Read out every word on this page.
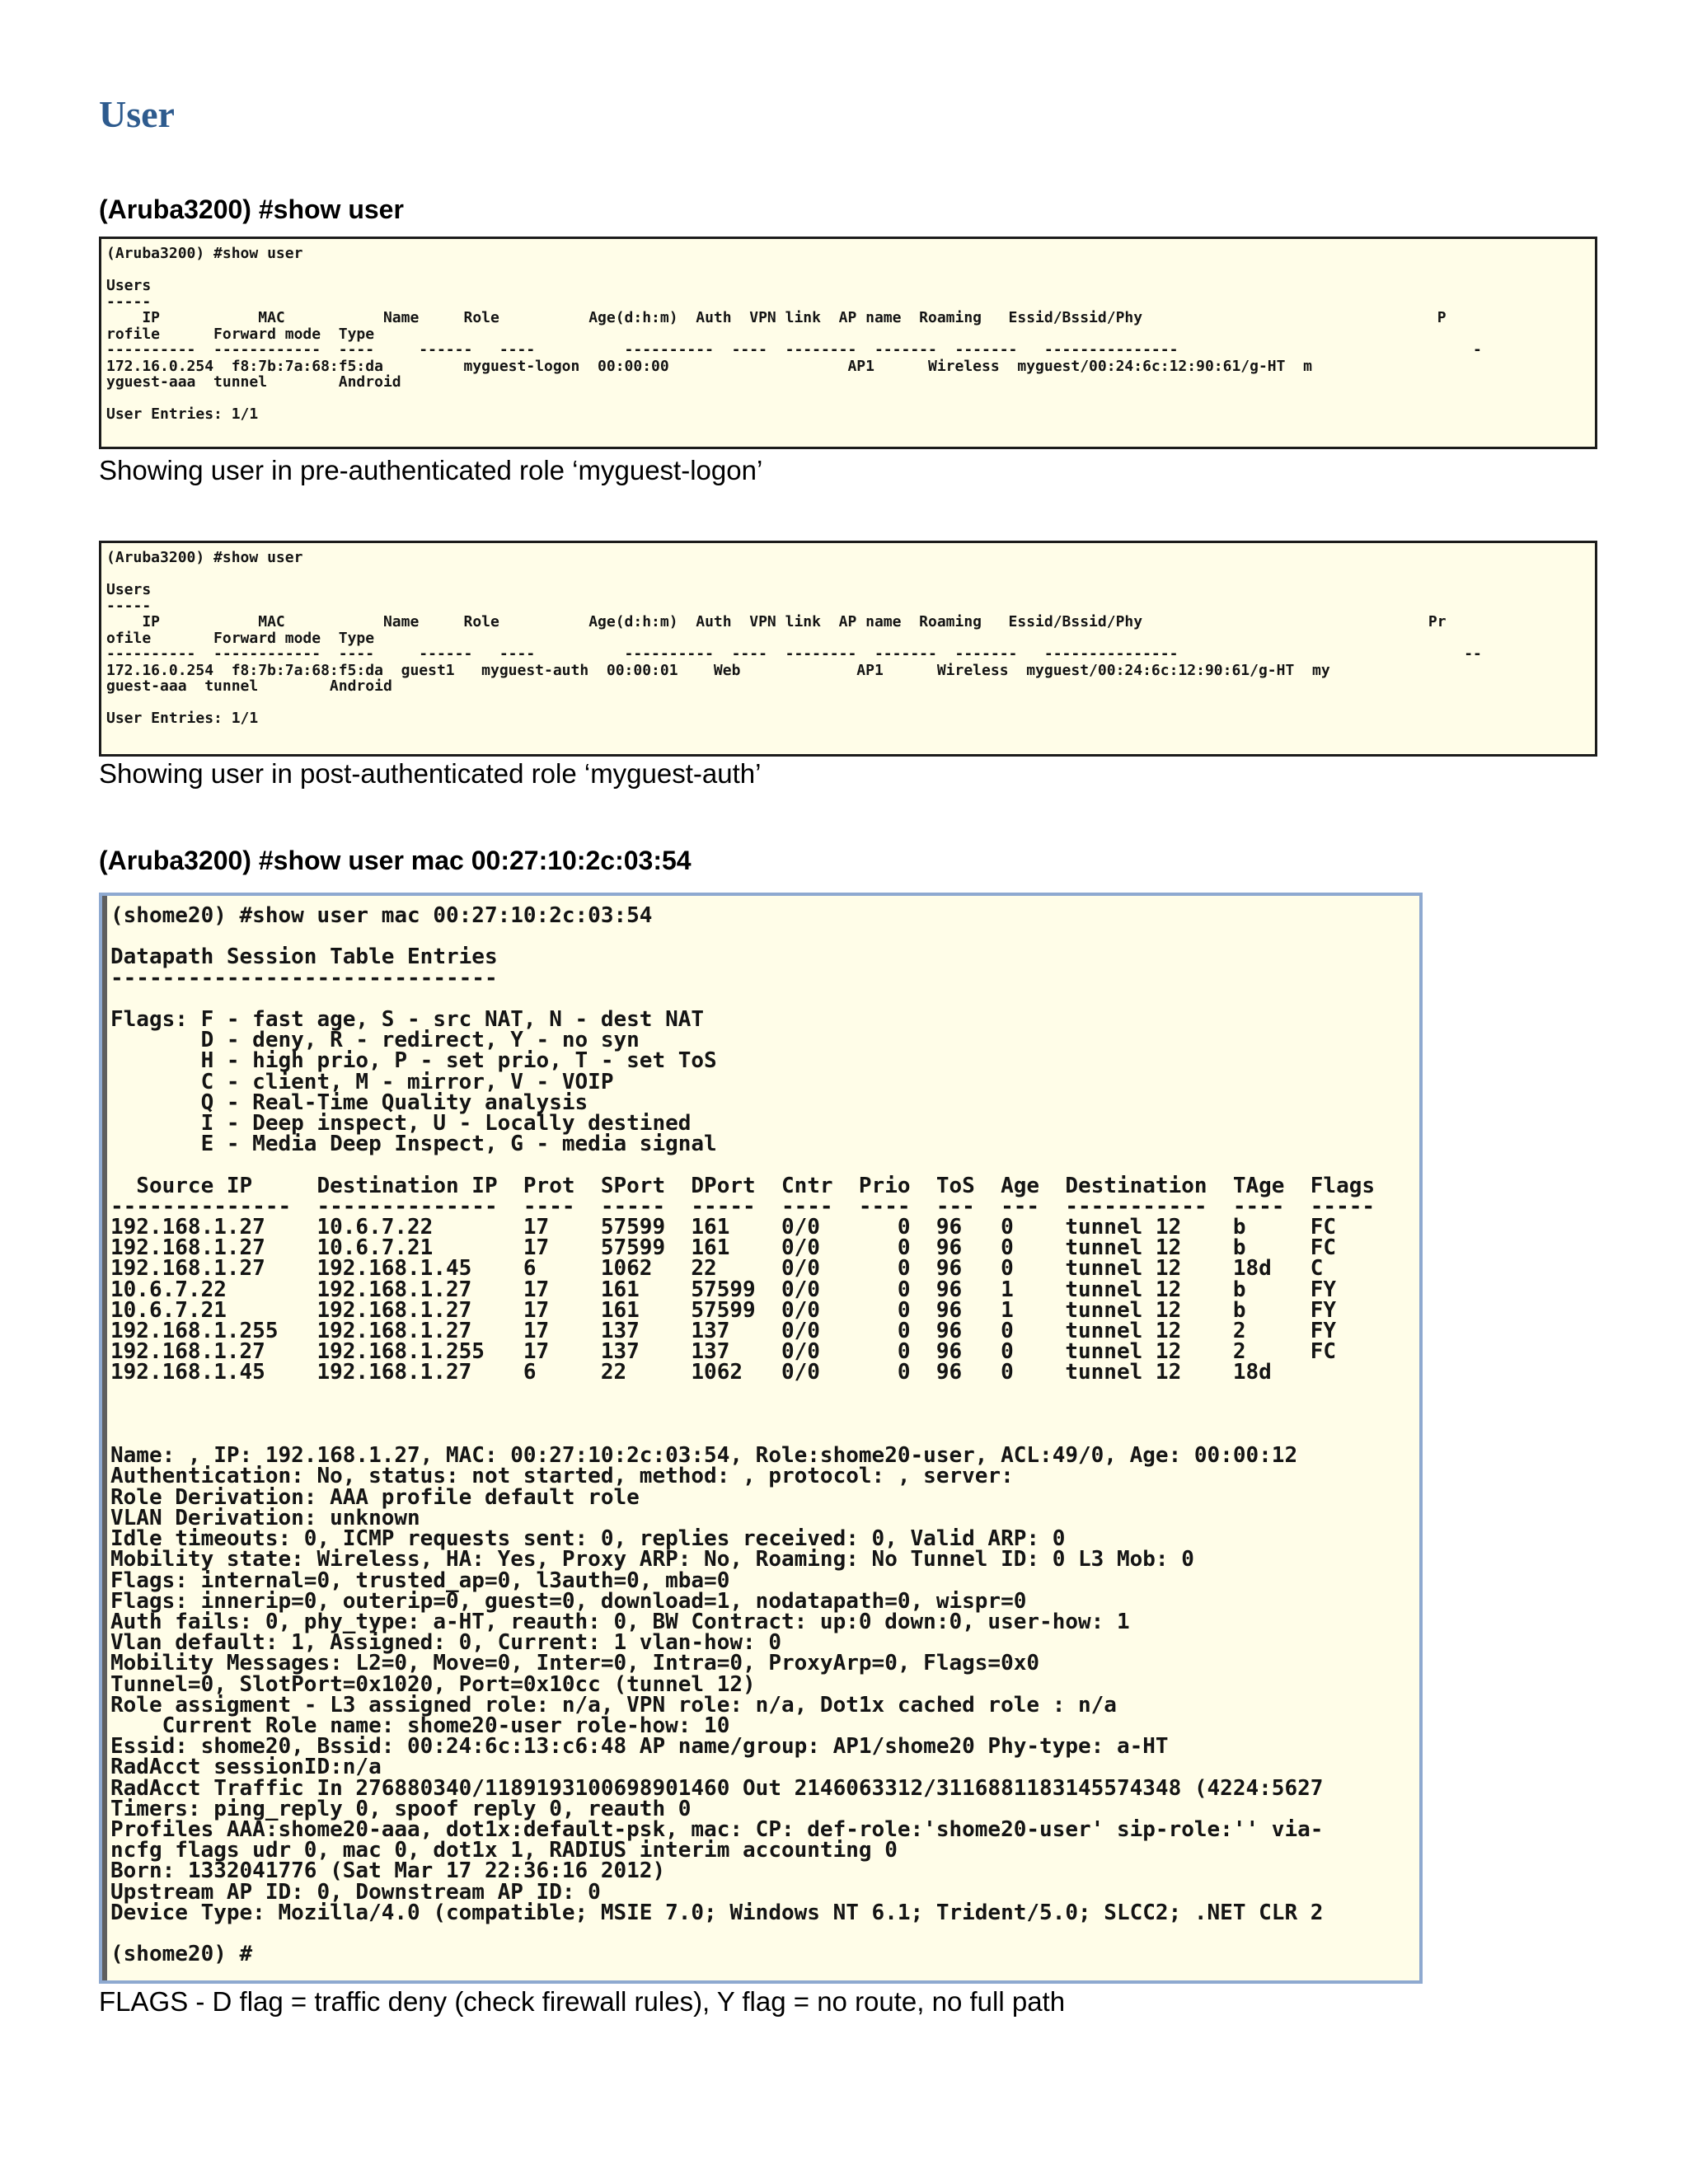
User

(Aruba3200) #show user

(Aruba3200) #show user

Users
-----
IP           MAC           Name     Role          Age(d:h:m)  Auth  VPN link  AP name  Roaming   Essid/Bssid/Phy                                 P
rofile      Forward mode  Type
----------  ------------  ----     ------   ----          ----------  ----  --------  -------  -------   ---------------                                 -
172.16.0.254  f8:7b:7a:68:f5:da         myguest-logon  00:00:00                    AP1      Wireless  myguest/00:24:6c:12:90:61/g-HT  m
yguest-aaa  tunnel        Android

User Entries: 1/1

Showing user in pre-authenticated role ‘myguest-logon’

(Aruba3200) #show user

Users
-----
IP           MAC           Name     Role          Age(d:h:m)  Auth  VPN link  AP name  Roaming   Essid/Bssid/Phy                                Pr
ofile       Forward mode  Type
----------  ------------  ----     ------   ----          ----------  ----  --------  -------  -------   ---------------                                --
172.16.0.254  f8:7b:7a:68:f5:da  guest1   myguest-auth  00:00:01    Web             AP1      Wireless  myguest/00:24:6c:12:90:61/g-HT  my
guest-aaa  tunnel        Android

User Entries: 1/1

Showing user in post-authenticated role ‘myguest-auth’

(Aruba3200) #show user mac 00:27:10:2c:03:54

(shome20) #show user mac 00:27:10:2c:03:54

Datapath Session Table Entries
------------------------------

Flags: F - fast age, S - src NAT, N - dest NAT
D - deny, R - redirect, Y - no syn
H - high prio, P - set prio, T - set ToS
C - client, M - mirror, V - VOIP
Q - Real-Time Quality analysis
I - Deep inspect, U - Locally destined
E - Media Deep Inspect, G - media signal

Source IP     Destination IP  Prot  SPort  DPort  Cntr  Prio  ToS  Age  Destination  TAge  Flags
--------------  --------------  ----  -----  -----  ----  ----  ---  ---  -----------  ----  -----
192.168.1.27    10.6.7.22       17    57599  161    0/0      0  96   0    tunnel 12    b     FC
192.168.1.27    10.6.7.21       17    57599  161    0/0      0  96   0    tunnel 12    b     FC
192.168.1.27    192.168.1.45    6     1062   22     0/0      0  96   0    tunnel 12    18d   C
10.6.7.22       192.168.1.27    17    161    57599  0/0      0  96   1    tunnel 12    b     FY
10.6.7.21       192.168.1.27    17    161    57599  0/0      0  96   1    tunnel 12    b     FY
192.168.1.255   192.168.1.27    17    137    137    0/0      0  96   0    tunnel 12    2     FY
192.168.1.27    192.168.1.255   17    137    137    0/0      0  96   0    tunnel 12    2     FC
192.168.1.45    192.168.1.27    6     22     1062   0/0      0  96   0    tunnel 12    18d

Name: , IP: 192.168.1.27, MAC: 00:27:10:2c:03:54, Role:shome20-user, ACL:49/0, Age: 00:00:12
Authentication: No, status: not started, method: , protocol: , server:
Role Derivation: AAA profile default role
VLAN Derivation: unknown
Idle timeouts: 0, ICMP requests sent: 0, replies received: 0, Valid ARP: 0
Mobility state: Wireless, HA: Yes, Proxy ARP: No, Roaming: No Tunnel ID: 0 L3 Mob: 0
Flags: internal=0, trusted_ap=0, l3auth=0, mba=0
Flags: innerip=0, outerip=0, guest=0, download=1, nodatapath=0, wispr=0
Auth fails: 0, phy_type: a-HT, reauth: 0, BW Contract: up:0 down:0, user-how: 1
Vlan default: 1, Assigned: 0, Current: 1 vlan-how: 0
Mobility Messages: L2=0, Move=0, Inter=0, Intra=0, ProxyArp=0, Flags=0x0
Tunnel=0, SlotPort=0x1020, Port=0x10cc (tunnel 12)
Role assigment - L3 assigned role: n/a, VPN role: n/a, Dot1x cached role : n/a
Current Role name: shome20-user role-how: 10
Essid: shome20, Bssid: 00:24:6c:13:c6:48 AP name/group: AP1/shome20 Phy-type: a-HT
RadAcct sessionID:n/a
RadAcct Traffic In 276880340/1189193100698901460 Out 2146063312/3116881183145574348 (4224:5627
Timers: ping_reply 0, spoof reply 0, reauth 0
Profiles AAA:shome20-aaa, dot1x:default-psk, mac: CP: def-role:'shome20-user' sip-role:'' via-
ncfg flags udr 0, mac 0, dot1x 1, RADIUS interim accounting 0
Born: 1332041776 (Sat Mar 17 22:36:16 2012)
Upstream AP ID: 0, Downstream AP ID: 0
Device Type: Mozilla/4.0 (compatible; MSIE 7.0; Windows NT 6.1; Trident/5.0; SLCC2; .NET CLR 2

(shome20) #

FLAGS - D flag = traffic deny (check firewall rules), Y flag = no route, no full path
